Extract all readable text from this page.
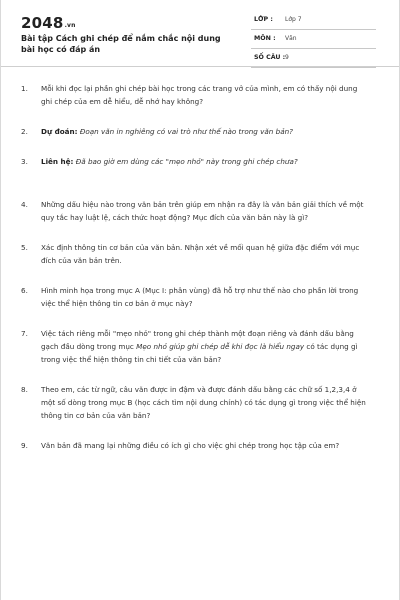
2048.vn
Bài tập Cách ghi chép để nắm chắc nội dung bài học có đáp án
LỚP : Lớp 7
MÔN : Văn
SỐ CÂU : 9
1. Mỗi khi đọc lại phần ghi chép bài học trong các trang vở của mình, em có thấy nội dung ghi chép của em dễ hiểu, dễ nhớ hay không?
2. Dự đoán: Đoạn văn in nghiêng có vai trò như thế nào trong văn bản?
3. Liên hệ: Đã bao giờ em dùng các "mẹo nhỏ" này trong ghi chép chưa?
4. Những dấu hiệu nào trong văn bản trên giúp em nhận ra đây là văn bản giải thích về một quy tắc hay luật lệ, cách thức hoạt động? Mục đích của văn bản này là gì?
5. Xác định thông tin cơ bản của văn bản. Nhận xét về mối quan hệ giữa đặc điểm với mục đích của văn bản trên.
6. Hình minh họa trong mục A (Mục I: phân vùng) đã hỗ trợ như thế nào cho phần lời trong việc thể hiện thông tin cơ bản ở mục này?
7. Việc tách riêng mỗi "mẹo nhỏ" trong ghi chép thành một đoạn riêng và đánh dấu bằng gạch đầu dòng trong mục Mẹo nhỏ giúp ghi chép dễ khi đọc là hiểu ngay có tác dụng gì trong việc thể hiện thông tin chi tiết của văn bản?
8. Theo em, các từ ngữ, câu văn được in đậm và được đánh dấu bằng các chữ số 1,2,3,4 ở một số dòng trong mục B (học cách tìm nội dung chính) có tác dụng gì trong việc thể hiện thông tin cơ bản của văn bản?
9. Văn bản đã mang lại những điều có ích gì cho việc ghi chép trong học tập của em?
